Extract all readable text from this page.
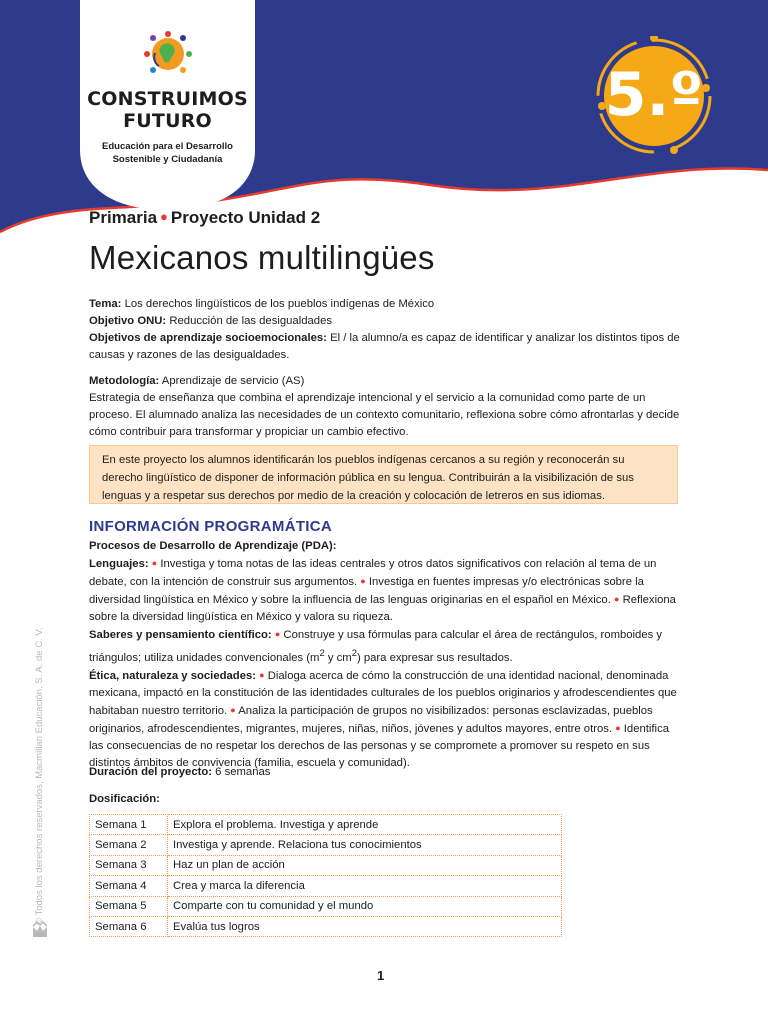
CONSTRUIMOS
FUTURO
Educación para el Desarrollo
Sostenible y Ciudadanía
5.º
© Todos los derechos reservados, Macmillan Educación, S. A. de C. V.
Primaria ● Proyecto Unidad 2
Mexicanos multilingües
Tema: Los derechos lingüísticos de los pueblos indígenas de México
Objetivo ONU: Reducción de las desigualdades
Objetivos de aprendizaje socioemocionales: El / la alumno/a es capaz de identificar y analizar los distintos tipos de causas y razones de las desigualdades.
Metodología: Aprendizaje de servicio (AS)
Estrategia de enseñanza que combina el aprendizaje intencional y el servicio a la comunidad como parte de un proceso. El alumnado analiza las necesidades de un contexto comunitario, reflexiona sobre cómo afrontarlas y decide cómo contribuir para transformar y propiciar un cambio efectivo.
En este proyecto los alumnos identificarán los pueblos indígenas cercanos a su región y reconocerán su derecho lingüístico de disponer de información pública en su lengua. Contribuirán a la visibilización de sus lenguas y a respetar sus derechos por medio de la creación y colocación de letreros en sus idiomas.
INFORMACIÓN PROGRAMÁTICA
Procesos de Desarrollo de Aprendizaje (PDA):
Lenguajes: ● Investiga y toma notas de las ideas centrales y otros datos significativos con relación al tema de un debate, con la intención de construir sus argumentos. ● Investiga en fuentes impresas y/o electrónicas sobre la diversidad lingüística en México y sobre la influencia de las lenguas originarias en el español en México. ● Reflexiona sobre la diversidad lingüística en México y valora su riqueza.
Saberes y pensamiento científico: ● Construye y usa fórmulas para calcular el área de rectángulos, romboides y triángulos; utiliza unidades convencionales ($m^2$ y $cm^2$) para expresar sus resultados.
Ética, naturaleza y sociedades: ● Dialoga acerca de cómo la construcción de una identidad nacional, denominada mexicana, impactó en la constitución de las identidades culturales de los pueblos originarios y afrodescendientes que habitaban nuestro territorio. ● Analiza la participación de grupos no visibilizados: personas esclavizadas, pueblos originarios, afrodescendientes, migrantes, mujeres, niñas, niños, jóvenes y adultos mayores, entre otros. ● Identifica las consecuencias de no respetar los derechos de las personas y se compromete a promover su respeto en sus distintos ámbitos de convivencia (familia, escuela y comunidad).
Duración del proyecto: 6 semanas
Dosificación:
Semana 1	Explora el problema. Investiga y aprende
Semana 2	Investiga y aprende. Relaciona tus conocimientos
Semana 3	Haz un plan de acción
Semana 4	Crea y marca la diferencia
Semana 5	Comparte con tu comunidad y el mundo
Semana 6	Evalúa tus logros
1
